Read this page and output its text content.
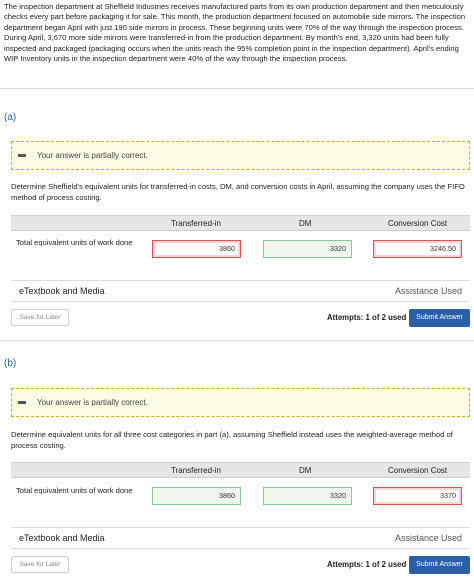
The inspection department at Sheffield Industries receives manufactured parts from its own production department and then meticulously checks every part before packaging it for sale. This month, the production department focused on automobile side mirrors. The inspection department began April with just 190 side mirrors in process. These beginning units were 70% of the way through the inspection process. During April, 3,670 more side mirrors were transferred-in from the production department. By month's end, 3,320 units had been fully inspected and packaged (packaging occurs when the units reach the 95% completion point in the inspection department). April's ending WIP Inventory units in the inspection department were 40% of the way through the inspection process.
(a)
Your answer is partially correct.
Determine Sheffield's equivalent units for transferred-in costs, DM, and conversion costs in April, assuming the company uses the FIFO method of process costing.
Transferred-in	DM	Conversion Cost
Total equivalent units of work done
3860	3320	3246.50
eTextbook and Media	Assistance Used
Save for Later	Attempts: 1 of 2 used	Submit Answer
(b)
Your answer is partially correct.
Determine equivalent units for all three cost categories in part (a), assuming Sheffield instead uses the weighted-average method of process costing.
Transferred-in	DM	Conversion Cost
Total equivalent units of work done
3860	3320	3370
eTextbook and Media	Assistance Used
Save for Later	Attempts: 1 of 2 used	Submit Answer
